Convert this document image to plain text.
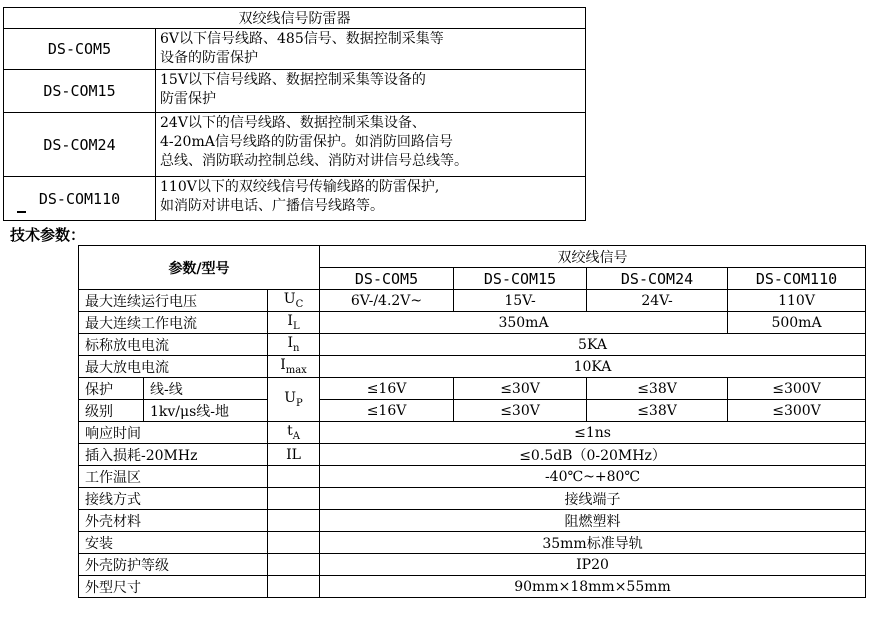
双绞线信号防雷器	
DS-COM5	6V以下信号线路、485信号、数据控制采集等
设备的防雷保护

DS-COM15	15V以下信号线路、数据控制采集等设备的
防雷保护

DS-COM24	24V以下的信号线路、数据控制采集设备、
4-20mA信号线路的防雷保护。如消防回路信号
总线、消防联动控制总线、消防对讲信号总线等。

DS-COM110	110V以下的双绞线信号传输线路的防雷保护,
如消防对讲电话、广播信号线路等。
技术参数：
参数/型号			双绞线信号			
			DS-COM5	DS-COM15	DS-COM24	DS-COM110
最大连续运行电压		$U_C$	6V-/4.2V~	15V-	24V-	110V
最大连续工作电流		$I_L$	350mA			500mA
标称放电电流		$I_n$	5KA			
最大放电电流		$I_{max}$	10KA			
保护	线-线	$U_P$	≤16V	≤30V	≤38V	≤300V
级别	1kv/μs线-地		≤16V	≤30V	≤38V	≤300V
响应时间		$t_A$	≤1ns			
插入损耗-20MHz		IL	≤0.5dB（0-20MHz）			
工作温区			-40℃~+80℃			
接线方式			接线端子			
外壳材料			阻燃塑料			
安装			35mm标准导轨			
外壳防护等级			IP20			
外型尺寸			90mm×18mm×55mm			
